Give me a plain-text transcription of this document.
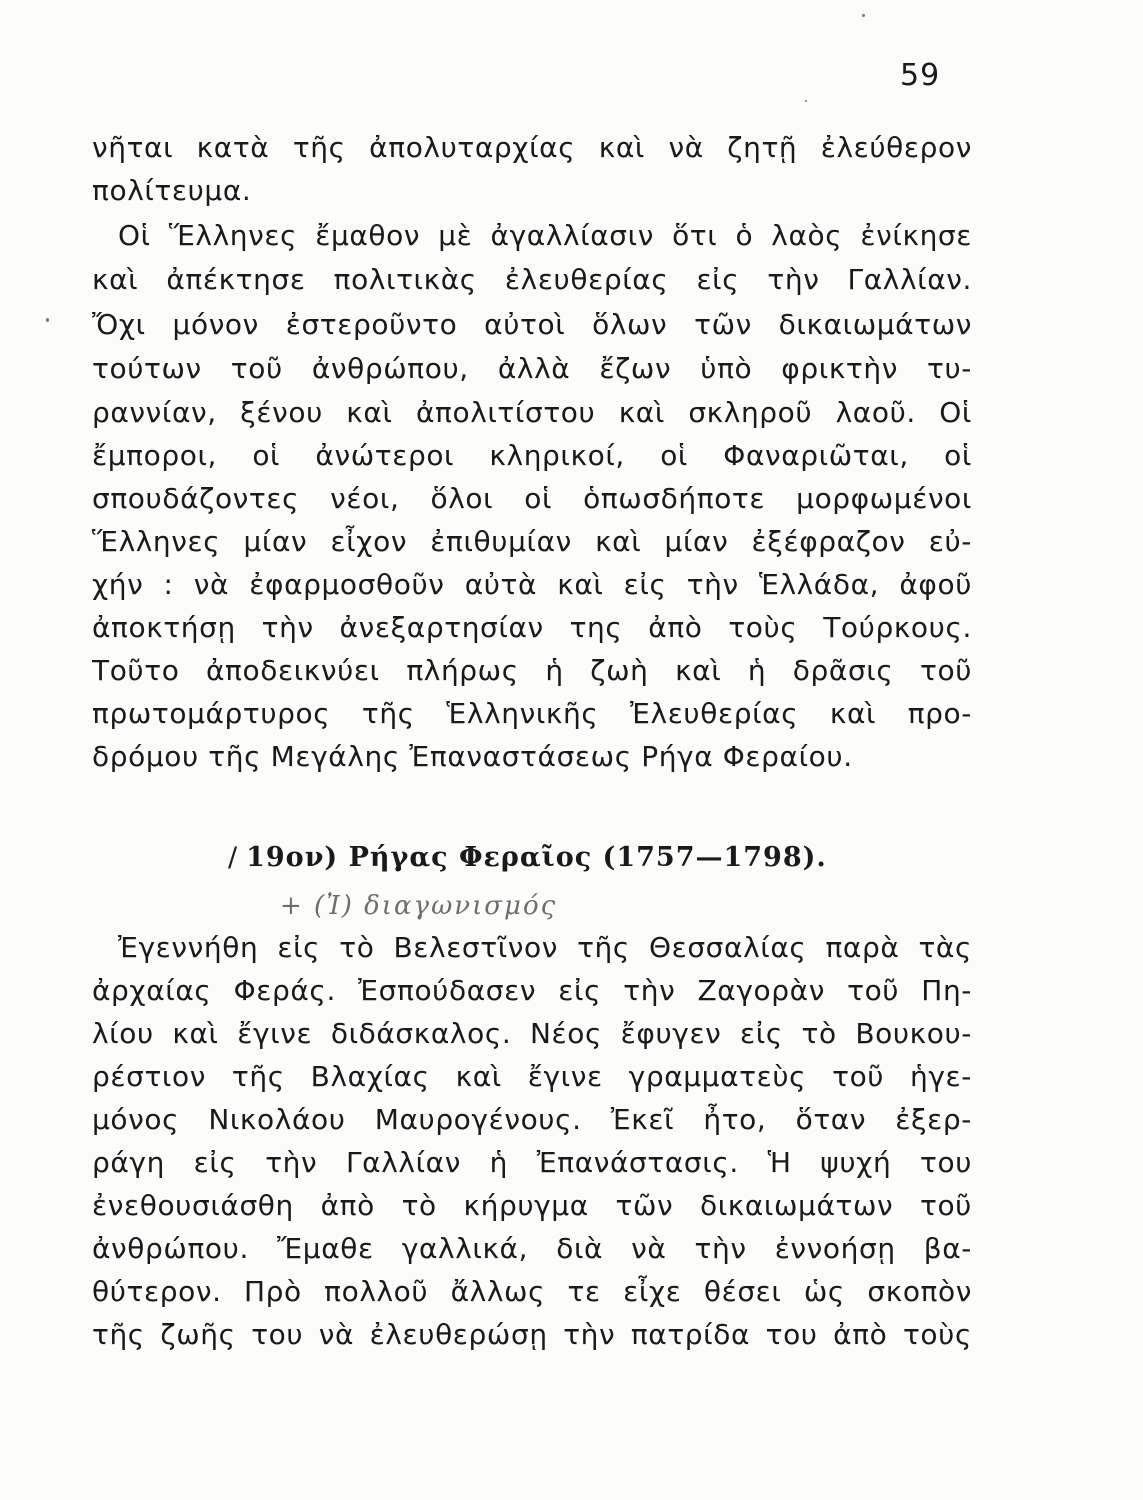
59
νῆται κατὰ τῆς ἀπολυταρχίας καὶ νὰ ζητῇ ἐλεύθερον
πολίτευμα.
Οἱ Ἕλληνες ἔμαθον μὲ ἀγαλλίασιν ὅτι ὁ λαὸς ἐνίκησε
καὶ ἀπέκτησε πολιτικὰς ἐλευθερίας εἰς τὴν Γαλλίαν.
Ὄχι μόνον ἐστεροῦντο αὐτοὶ ὅλων τῶν δικαιωμάτων
τούτων τοῦ ἀνθρώπου, ἀλλὰ ἔζων ὑπὸ φρικτὴν τυ-
ραννίαν, ξένου καὶ ἀπολιτίστου καὶ σκληροῦ λαοῦ. Οἱ
ἔμποροι, οἱ ἀνώτεροι κληρικοί, οἱ Φαναριῶται, οἱ
σπουδάζοντες νέοι, ὅλοι οἱ ὁπωσδήποτε μορφωμένοι
Ἕλληνες μίαν εἶχον ἐπιθυμίαν καὶ μίαν ἐξέφραζον εὐ-
χήν : νὰ ἐφαρμοσθοῦν αὐτὰ καὶ εἰς τὴν Ἑλλάδα, ἀφοῦ
ἀποκτήσῃ τὴν ἀνεξαρτησίαν της ἀπὸ τοὺς Τούρκους.
Τοῦτο ἀποδεικνύει πλήρως ἡ ζωὴ καὶ ἡ δρᾶσις τοῦ
πρωτομάρτυρος τῆς Ἑλληνικῆς Ἐλευθερίας καὶ προ-
δρόμου τῆς Μεγάλης Ἐπαναστάσεως Ρήγα Φεραίου.
/ 19ον) Ρήγας Φεραῖος (1757—1798).
+ (Ἰ) διαγωνισμός
Ἐγεννήθη εἰς τὸ Βελεστῖνον τῆς Θεσσαλίας παρὰ τὰς
ἀρχαίας Φεράς. Ἐσπούδασεν εἰς τὴν Ζαγορὰν τοῦ Πη-
λίου καὶ ἔγινε διδάσκαλος. Νέος ἔφυγεν εἰς τὸ Βουκου-
ρέστιον τῆς Βλαχίας καὶ ἔγινε γραμματεὺς τοῦ ἡγε-
μόνος Νικολάου Μαυρογένους. Ἐκεῖ ἦτο, ὅταν ἐξερ-
ράγη εἰς τὴν Γαλλίαν ἡ Ἐπανάστασις. Ἡ ψυχή του
ἐνεθουσιάσθη ἀπὸ τὸ κήρυγμα τῶν δικαιωμάτων τοῦ
ἀνθρώπου. Ἔμαθε γαλλικά, διὰ νὰ τὴν ἐννοήσῃ βα-
θύτερον. Πρὸ πολλοῦ ἄλλως τε εἶχε θέσει ὡς σκοπὸν
τῆς ζωῆς του νὰ ἐλευθερώσῃ τὴν πατρίδα του ἀπὸ τοὺς
